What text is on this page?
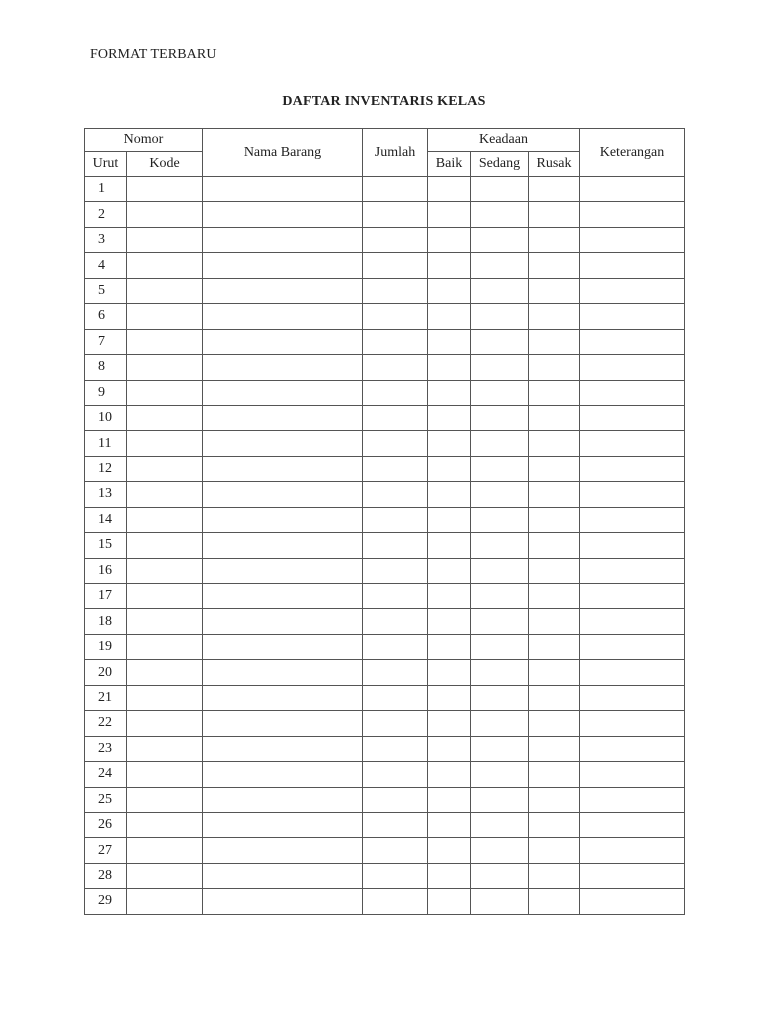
FORMAT TERBARU
DAFTAR INVENTARIS KELAS
Nomor		Nama Barang	Jumlah	Keadaan			Keterangan
Urut	Kode			Baik	Sedang	Rusak	
1							
2							
3							
4							
5							
6							
7							
8							
9							
10							
11							
12							
13							
14							
15							
16							
17							
18							
19							
20							
21							
22							
23							
24							
25							
26							
27							
28							
29							
